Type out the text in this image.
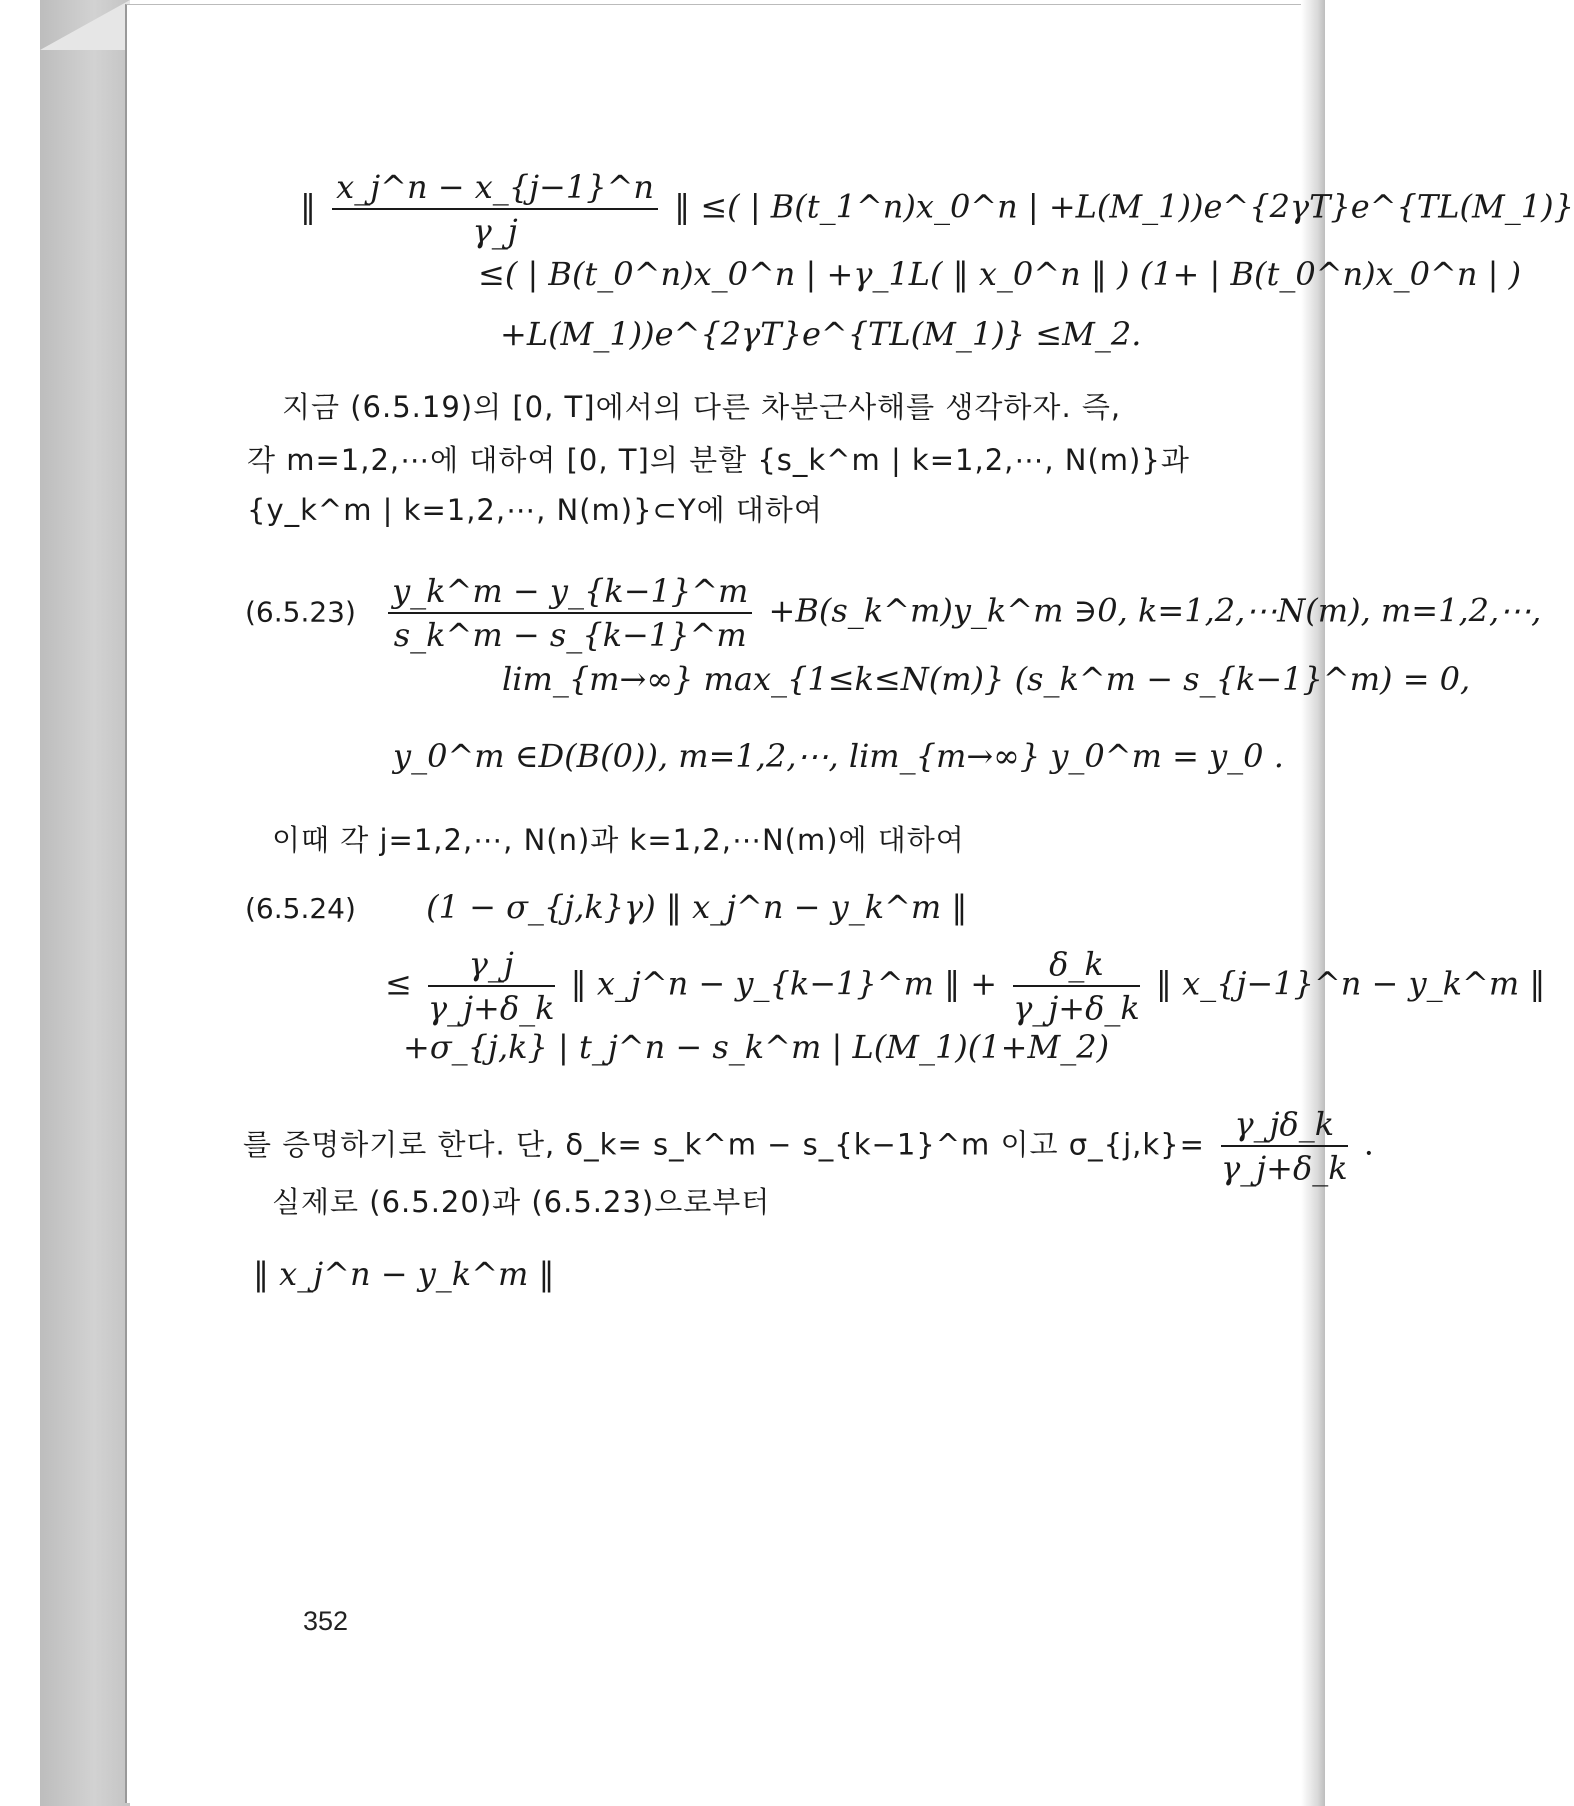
‖ $\frac{x\_j\^{}n - x\_\{j-1\}\^{}n}{\gamma\_j}$ ‖ ≤( | B(t_1^n)x_0^n | +L(M_1))e^{2γT}e^{TL(M_1)}
≤( | B(t_0^n)x_0^n | +γ_1L( ‖ x_0^n ‖ ) (1+ | B(t_0^n)x_0^n | )
+L(M_1))e^{2γT}e^{TL(M_1)} ≤M_2.
지금 (6.5.19)의 [0, T]에서의 다른 차분근사해를 생각하자. 즉,
각 m=1,2,⋯에 대하여 [0, T]의 분할 {s_k^m | k=1,2,⋯, N(m)}과
{y_k^m | k=1,2,⋯, N(m)}⊂Y에 대하여
$(6.5.23) \frac{y\_k\^{}m - y\_\{k-1\}\^{}m}{s\_k\^{}m - s\_\{k-1\}\^{}m}$ +B(s_k^m)y_k^m ∋0, k=1,2,⋯N(m), m=1,2,⋯,
lim_{m→∞} max_{1≤k≤N(m)} (s_k^m − s_{k−1}^m) = 0,
y_0^m ∈D(B(0)), m=1,2,⋯, lim_{m→∞} y_0^m = y_0 .
이때 각 j=1,2,⋯, N(n)과 k=1,2,⋯N(m)에 대하여
(6.5.24) (1 − σ_{j,k}γ) ‖ x_j^n − y_k^m ‖
≤ $\frac{\gamma\_j}{\gamma\_j+\delta\_k}$ ‖ x_j^n − y_{k−1}^m ‖ + $\frac{\delta\_k}{\gamma\_j+\delta\_k}$ ‖ x_{j−1}^n − y_k^m ‖
+σ_{j,k} | t_j^n − s_k^m | L(M_1)(1+M_2)
를 증명하기로 한다. 단, δ_k= s_k^m − s_{k−1}^m 이고 σ_{j,k}= $\frac{\gamma\_j\delta\_k}{\gamma\_j+\delta\_k}$ .
실제로 (6.5.20)과 (6.5.23)으로부터
‖ x_j^n − y_k^m ‖
352
